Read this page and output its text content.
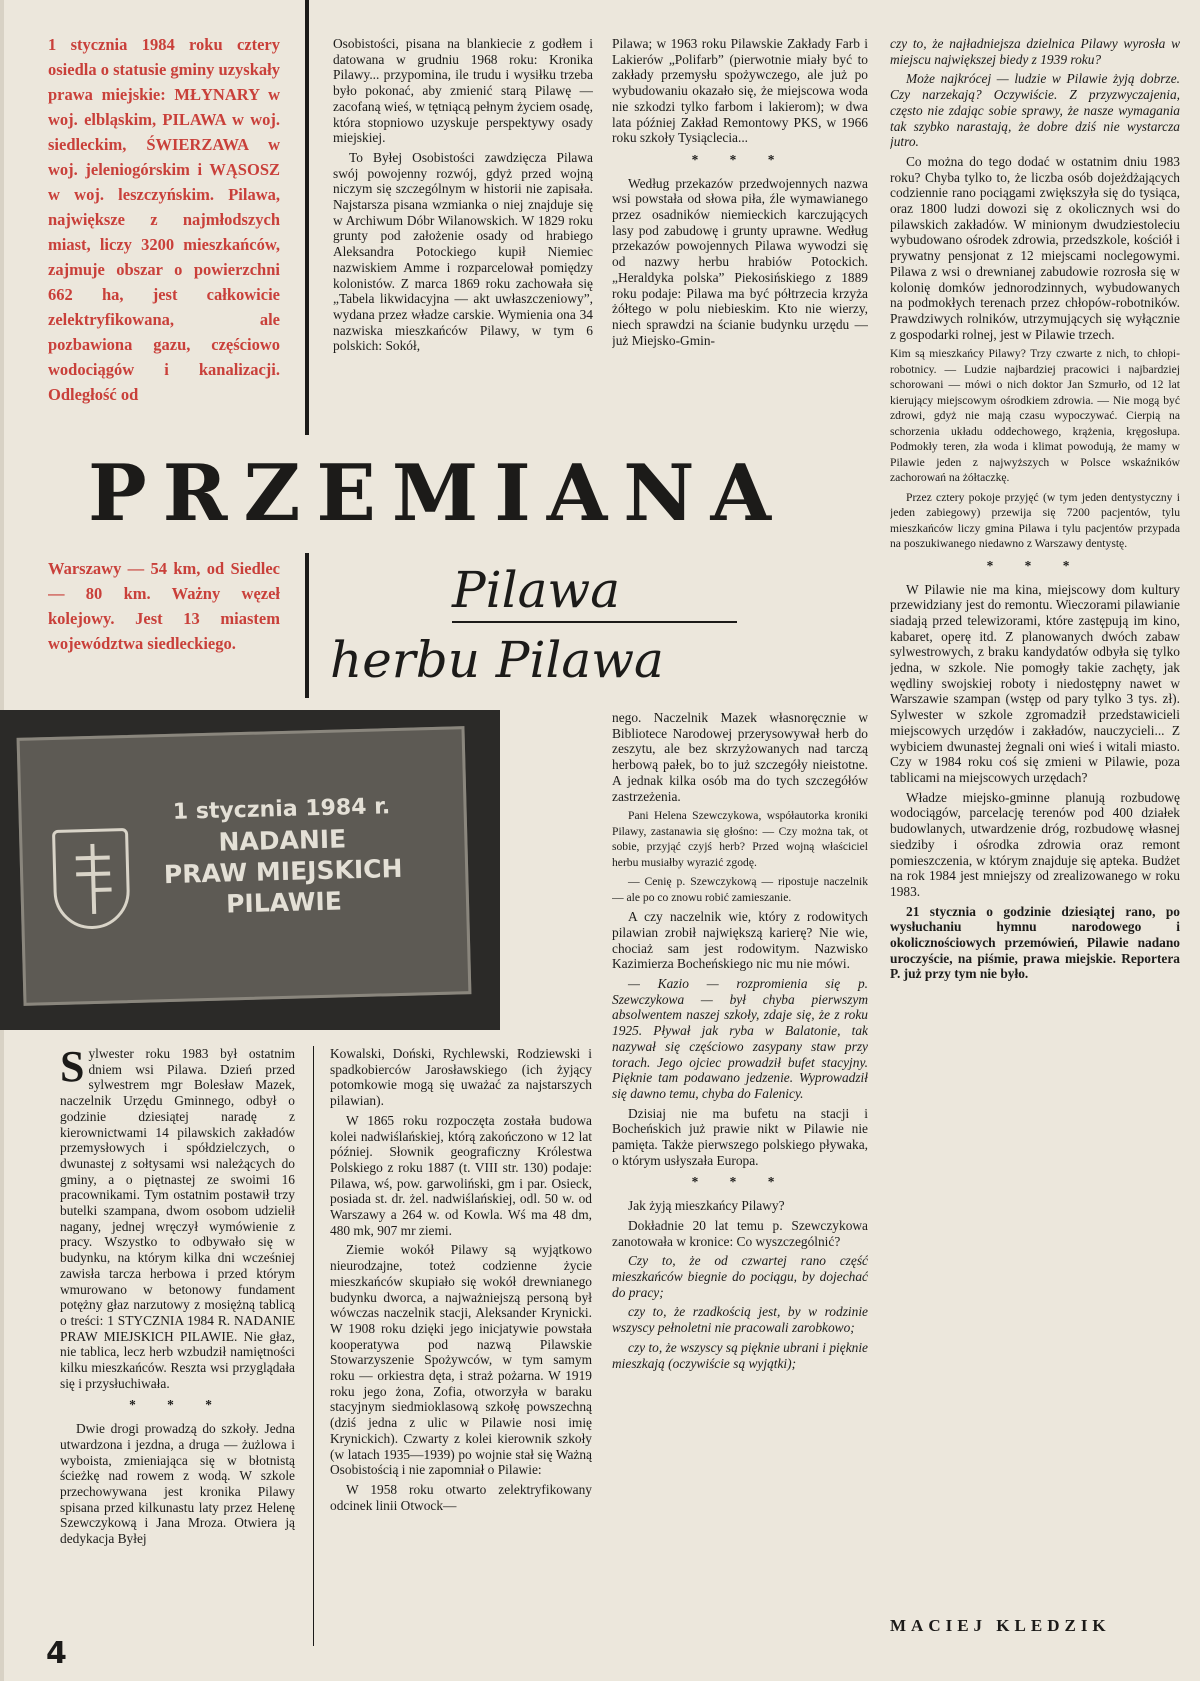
1 stycznia 1984 roku cztery osiedla o statusie gminy uzyskały prawa miejskie: MŁYNARY w woj. elbląskim, PILAWA w woj. siedleckim, ŚWIERZAWA w woj. jeleniogórskim i WĄSOSZ w woj. leszczyńskim. Pilawa, największe z najmłodszych miast, liczy 3200 mieszkańców, zajmuje obszar o powierzchni 662 ha, jest całkowicie zelektryfikowana, ale pozbawiona gazu, częściowo wodociągów i kanalizacji. Odległość od

Osobistości, pisana na blankiecie z godłem i datowana w grudniu 1968 roku: Kronika Pilawy... przypomina, ile trudu i wysiłku trzeba było pokonać, aby zmienić starą Pilawę — zacofaną wieś, w tętniącą pełnym życiem osadę, która stopniowo uzyskuje perspektywy osady miejskiej.

To Byłej Osobistości zawdzięcza Pilawa swój powojenny rozwój, gdyż przed wojną niczym się szczególnym w historii nie zapisała. Najstarsza pisana wzmianka o niej znajduje się w Archiwum Dóbr Wilanowskich. W 1829 roku grunty pod założenie osady od hrabiego Aleksandra Potockiego kupił Niemiec nazwiskiem Amme i rozparcelował pomiędzy kolonistów. Z marca 1869 roku zachowała się „Tabela likwidacyjna — akt uwłaszczeniowy”, wydana przez władze carskie. Wymienia ona 34 nazwiska mieszkańców Pilawy, w tym 6 polskich: Sokół,

Pilawa; w 1963 roku Pilawskie Zakłady Farb i Lakierów „Polifarb” (pierwotnie miały być to zakłady przemysłu spożywczego, ale już po wybudowaniu okazało się, że miejscowa woda nie szkodzi tylko farbom i lakierom); w dwa lata później Zakład Remontowy PKS, w 1966 roku szkoły Tysiąclecia...

* * *

Według przekazów przedwojennych nazwa wsi powstała od słowa piła, źle wymawianego przez osadników niemieckich karczujących lasy pod zabudowę i grunty uprawne. Według przekazów powojennych Pilawa wywodzi się od nazwy herbu hrabiów Potockich. „Heraldyka polska” Piekosińskiego z 1889 roku podaje: Pilawa ma być półtrzecia krzyża żółtego w polu niebieskim. Kto nie wierzy, niech sprawdzi na ścianie budynku urzędu — już Miejsko-Gmin-

czy to, że najładniejsza dzielnica Pilawy wyrosła w miejscu największej biedy z 1939 roku?

Może najkrócej — ludzie w Pilawie żyją dobrze. Czy narzekają? Oczywiście. Z przyzwyczajenia, często nie zdając sobie sprawy, że nasze wymagania tak szybko narastają, że dobre dziś nie wystarcza jutro.

Co można do tego dodać w ostatnim dniu 1983 roku? Chyba tylko to, że liczba osób dojeżdżających codziennie rano pociągami zwiększyła się do tysiąca, oraz 1800 ludzi dowozi się z okolicznych wsi do pilawskich zakładów. W minionym dwudziestoleciu wybudowano ośrodek zdrowia, przedszkole, kościół i prywatny pensjonat z 12 miejscami noclegowymi. Pilawa z wsi o drewnianej zabudowie rozrosła się w kolonię domków jednorodzinnych, wybudowanych na podmokłych terenach przez chłopów-robotników. Prawdziwych rolników, utrzymujących się wyłącznie z gospodarki rolnej, jest w Pilawie trzech.

Kim są mieszkańcy Pilawy? Trzy czwarte z nich, to chłopi-robotnicy. — Ludzie najbardziej pracowici i najbardziej schorowani — mówi o nich doktor Jan Szmurło, od 12 lat kierujący miejscowym ośrodkiem zdrowia. — Nie mogą być zdrowi, gdyż nie mają czasu wypoczywać. Cierpią na schorzenia układu oddechowego, krążenia, kręgosłupa. Podmokły teren, zła woda i klimat powodują, że mamy w Pilawie jeden z najwyższych w Polsce wskaźników zachorowań na żółtaczkę.

Przez cztery pokoje przyjęć (w tym jeden dentystyczny i jeden zabiegowy) przewija się 7200 pacjentów, tylu mieszkańców liczy gmina Pilawa i tylu pacjentów przypada na poszukiwanego niedawno z Warszawy dentystę.

* * *

W Pilawie nie ma kina, miejscowy dom kultury przewidziany jest do remontu. Wieczorami pilawianie siadają przed telewizorami, które zastępują im kino, kabaret, operę itd. Z planowanych dwóch zabaw sylwestrowych, z braku kandydatów odbyła się tylko jedna, w szkole. Nie pomogły takie zachęty, jak wędliny swojskiej roboty i niedostępny nawet w Warszawie szampan (wstęp od pary tylko 3 tys. zł). Sylwester w szkole zgromadził przedstawicieli miejscowych urzędów i zakładów, nauczycieli... Z wybiciem dwunastej żegnali oni wieś i witali miasto. Czy w 1984 roku coś się zmieni w Pilawie, poza tablicami na miejscowych urzędach?

Władze miejsko-gminne planują rozbudowę wodociągów, parcelację terenów pod 400 działek budowlanych, utwardzenie dróg, rozbudowę własnej siedziby i ośrodka zdrowia oraz remont pomieszczenia, w którym znajduje się apteka. Budżet na rok 1984 jest mniejszy od zrealizowanego w roku 1983.

21 stycznia o godzinie dziesiątej rano, po wysłuchaniu hymnu narodowego i okolicznościowych przemówień, Pilawie nadano uroczyście, na piśmie, prawa miejskie. Reportera P. już przy tym nie było.

PRZEMIANA

Warszawy — 54 km, od Siedlec — 80 km. Ważny węzeł kolejowy. Jest 13 miastem województwa siedleckiego.

Pilawa
herbu Pilawa
1 stycznia 1984 r.
NADANIE
PRAW MIEJSKICH
PILAWIE

nego. Naczelnik Mazek własnoręcznie w Bibliotece Narodowej przerysowywał herb do zeszytu, ale bez skrzyżowanych nad tarczą herbową pałek, bo to już szczegóły nieistotne. A jednak kilka osób ma do tych szczegółów zastrzeżenia.

Pani Helena Szewczykowa, współautorka kroniki Pilawy, zastanawia się głośno: — Czy można tak, ot sobie, przyjąć czyjś herb? Przed wojną właściciel herbu musiałby wyrazić zgodę.

— Cenię p. Szewczykową — ripostuje naczelnik — ale po co znowu robić zamieszanie.

A czy naczelnik wie, który z rodowitych pilawian zrobił największą karierę? Nie wie, chociaż sam jest rodowitym. Nazwisko Kazimierza Bocheńskiego nic mu nie mówi.

— Kazio — rozpromienia się p. Szewczykowa — był chyba pierwszym absolwentem naszej szkoły, zdaje się, że z roku 1925. Pływał jak ryba w Balatonie, tak nazywał się częściowo zasypany staw przy torach. Jego ojciec prowadził bufet stacyjny. Pięknie tam podawano jedzenie. Wyprowadził się dawno temu, chyba do Falenicy.

Dzisiaj nie ma bufetu na stacji i Bocheńskich już prawie nikt w Pilawie nie pamięta. Także pierwszego polskiego pływaka, o którym usłyszała Europa.

* * *

Jak żyją mieszkańcy Pilawy?

Dokładnie 20 lat temu p. Szewczykowa zanotowała w kronice: Co wyszczególnić?

Czy to, że od czwartej rano część mieszkańców biegnie do pociągu, by dojechać do pracy;

czy to, że rzadkością jest, by w rodzinie wszyscy pełnoletni nie pracowali zarobkowo;

czy to, że wszyscy są pięknie ubrani i pięknie mieszkają (oczywiście są wyjątki);

Sylwester roku 1983 był ostatnim dniem wsi Pilawa. Dzień przed sylwestrem mgr Bolesław Mazek, naczelnik Urzędu Gminnego, odbył o godzinie dziesiątej naradę z kierownictwami 14 pilawskich zakładów przemysłowych i spółdzielczych, o dwunastej z sołtysami wsi należących do gminy, a o piętnastej ze swoimi 16 pracownikami. Tym ostatnim postawił trzy butelki szampana, dwom osobom udzielił nagany, jednej wręczył wymówienie z pracy. Wszystko to odbywało się w budynku, na którym kilka dni wcześniej zawisła tarcza herbowa i przed którym wmurowano w betonowy fundament potężny głaz narzutowy z mosiężną tablicą o treści: 1 STYCZNIA 1984 R. NADANIE PRAW MIEJSKICH PILAWIE. Nie głaz, nie tablica, lecz herb wzbudził namiętności kilku mieszkańców. Reszta wsi przyglądała się i przysłuchiwała.

* * *

Dwie drogi prowadzą do szkoły. Jedna utwardzona i jezdna, a druga — żużlowa i wyboista, zmieniająca się w błotnistą ścieżkę nad rowem z wodą. W szkole przechowywana jest kronika Pilawy spisana przed kilkunastu laty przez Helenę Szewczykową i Jana Mrozа. Otwiera ją dedykacja Byłej

Kowalski, Doński, Rychlewski, Rodziewski i spadkobierców Jarosławskiego (ich żyjący potomkowie mogą się uważać za najstarszych pilawian).

W 1865 roku rozpoczęta została budowa kolei nadwiślańskiej, którą zakończono w 12 lat później. Słownik geograficzny Królestwa Polskiego z roku 1887 (t. VIII str. 130) podaje: Pilawa, wś, pow. garwoliński, gm i par. Osieck, posiada st. dr. żel. nadwiślańskiej, odl. 50 w. od Warszawy a 264 w. od Kowla. Wś ma 48 dm, 480 mk, 907 mr ziemi.

Ziemie wokół Pilawy są wyjątkowo nieurodzajne, toteż codzienne życie mieszkańców skupiało się wokół drewnianego budynku dworca, a najważniejszą personą był wówczas naczelnik stacji, Aleksander Krynicki. W 1908 roku dzięki jego inicjatywie powstała kooperatywa pod nazwą Pilawskie Stowarzyszenie Spożywców, w tym samym roku — orkiestra dęta, i straż pożarna. W 1919 roku jego żona, Zofia, otworzyła w baraku stacyjnym siedmioklasową szkołę powszechną (dziś jedna z ulic w Pilawie nosi imię Krynickich). Czwarty z kolei kierownik szkoły (w latach 1935—1939) po wojnie stał się Ważną Osobistością i nie zapomniał o Pilawie:

W 1958 roku otwarto zelektryfikowany odcinek linii Otwock—

4
MACIEJ KLEDZIK
